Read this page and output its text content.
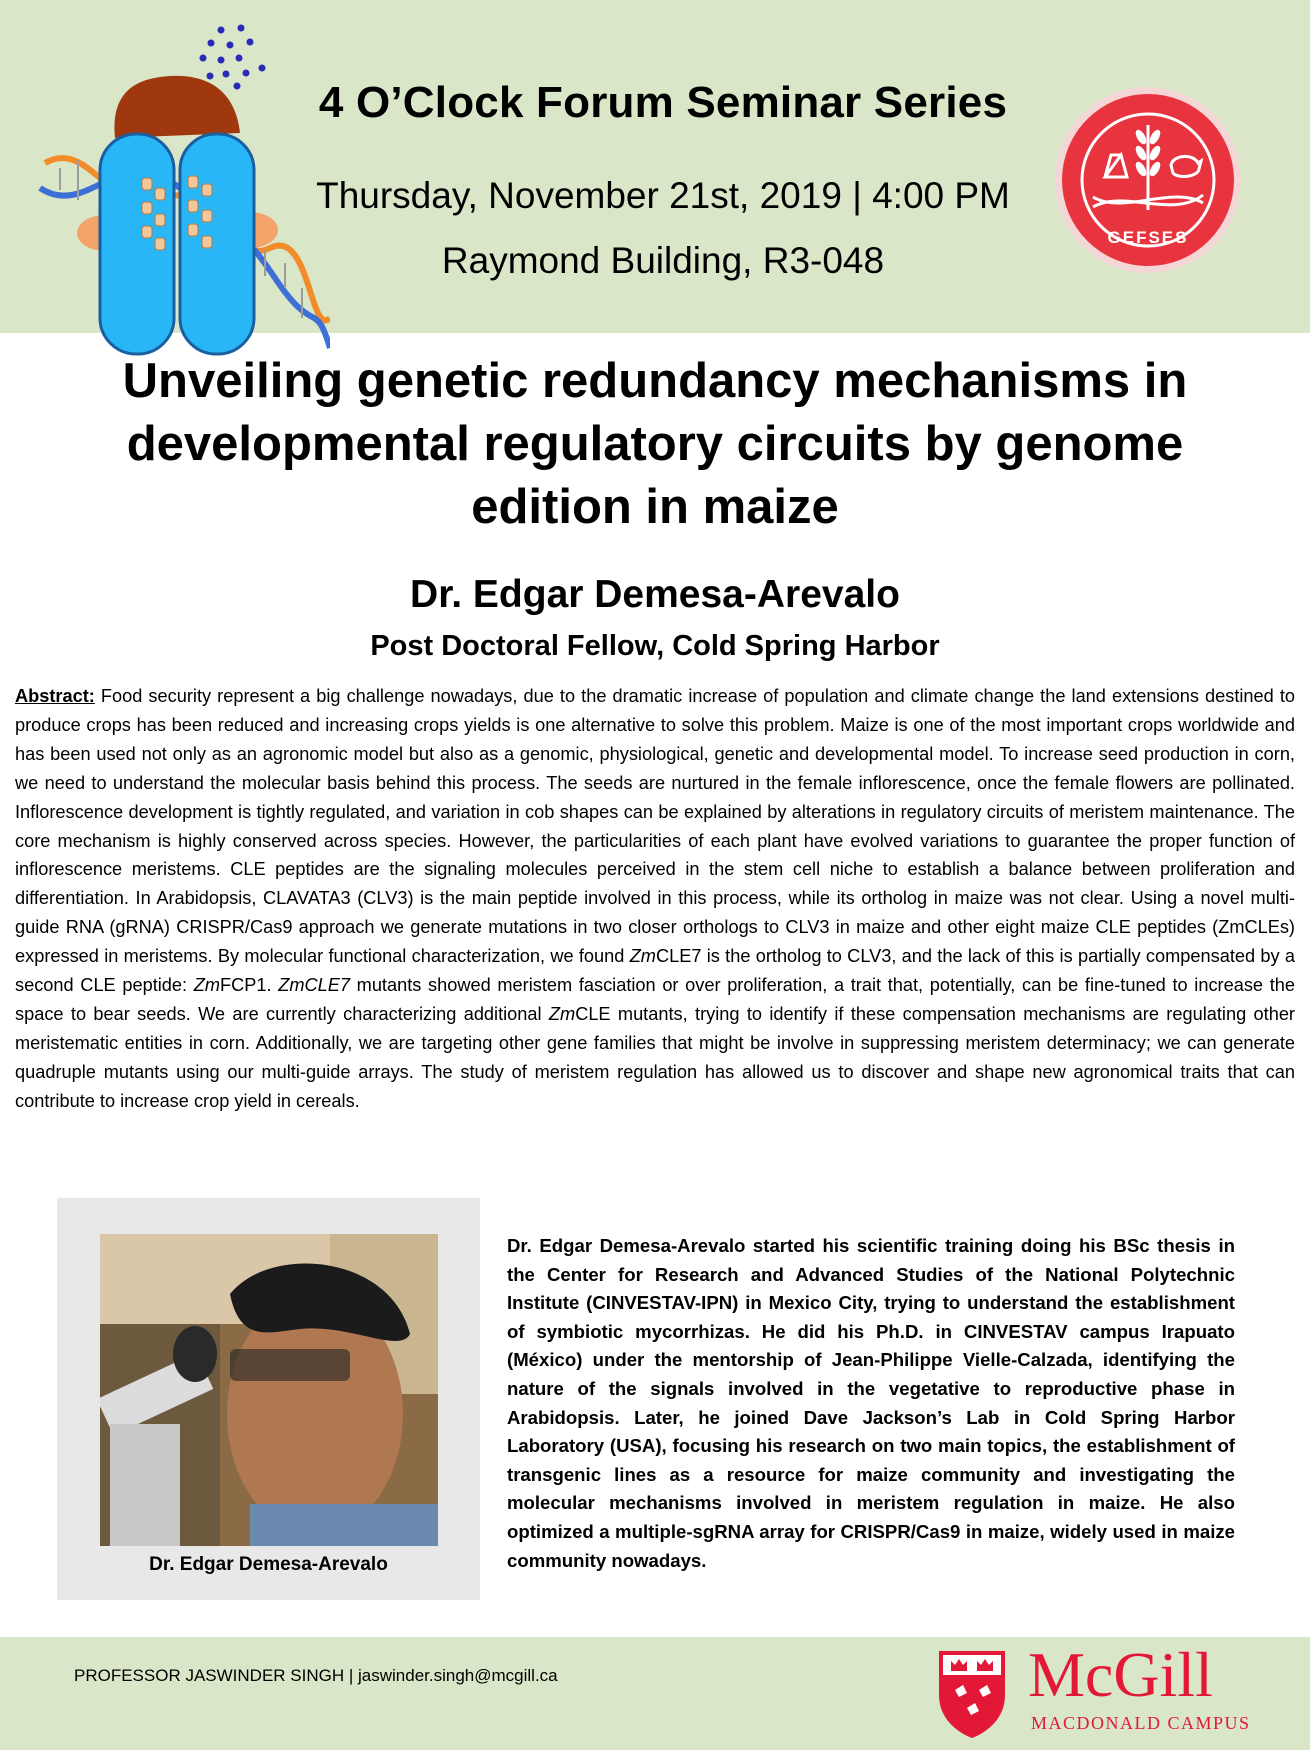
4 O’Clock Forum Seminar Series
Thursday, November 21st, 2019 | 4:00 PM
Raymond Building, R3-048
GEFSES
Unveiling genetic redundancy mechanisms in developmental regulatory circuits by genome edition in maize
Dr. Edgar Demesa-Arevalo
Post Doctoral Fellow, Cold Spring Harbor

Abstract: Food security represent a big challenge nowadays, due to the dramatic increase of population and climate change the land extensions destined to produce crops has been reduced and increasing crops yields is one alternative to solve this problem. Maize is one of the most important crops worldwide and has been used not only as an agronomic model but also as a genomic, physiological, genetic and developmental model. To increase seed production in corn, we need to understand the molecular basis behind this process. The seeds are nurtured in the female inflorescence, once the female flowers are pollinated. Inflorescence development is tightly regulated, and variation in cob shapes can be explained by alterations in regulatory circuits of meristem maintenance. The core mechanism is highly conserved across species. However, the particularities of each plant have evolved variations to guarantee the proper function of inflorescence meristems. CLE peptides are the signaling molecules perceived in the stem cell niche to establish a balance between proliferation and differentiation. In Arabidopsis, CLAVATA3 (CLV3) is the main peptide involved in this process, while its ortholog in maize was not clear. Using a novel multi-guide RNA (gRNA) CRISPR/Cas9 approach we generate mutations in two closer orthologs to CLV3 in maize and other eight maize CLE peptides (ZmCLEs) expressed in meristems. By molecular functional characterization, we found ZmCLE7 is the ortholog to CLV3, and the lack of this is partially compensated by a second CLE peptide: ZmFCP1. ZmCLE7 mutants showed meristem fasciation or over proliferation, a trait that, potentially, can be fine-tuned to increase the space to bear seeds. We are currently characterizing additional ZmCLE mutants, trying to identify if these compensation mechanisms are regulating other meristematic entities in corn. Additionally, we are targeting other gene families that might be involve in suppressing meristem determinacy; we can generate quadruple mutants using our multi-guide arrays. The study of meristem regulation has allowed us to discover and shape new agronomical traits that can contribute to increase crop yield in cereals.

Dr. Edgar Demesa-Arevalo

Dr. Edgar Demesa-Arevalo started his scientific training doing his BSc thesis in the Center for Research and Advanced Studies of the National Polytechnic Institute (CINVESTAV-IPN) in Mexico City, trying to understand the establishment of symbiotic mycorrhizas. He did his Ph.D. in CINVESTAV campus Irapuato (México) under the mentorship of Jean-Philippe Vielle-Calzada, identifying the nature of the signals involved in the vegetative to reproductive phase in Arabidopsis. Later, he joined Dave Jackson’s Lab in Cold Spring Harbor Laboratory (USA), focusing his research on two main topics, the establishment of transgenic lines as a resource for maize community and investigating the molecular mechanisms involved in meristem regulation in maize. He also optimized a multiple-sgRNA array for CRISPR/Cas9 in maize, widely used in maize community nowadays.

PROFESSOR JASWINDER SINGH | jaswinder.singh@mcgill.ca	McGill
MACDONALD CAMPUS
